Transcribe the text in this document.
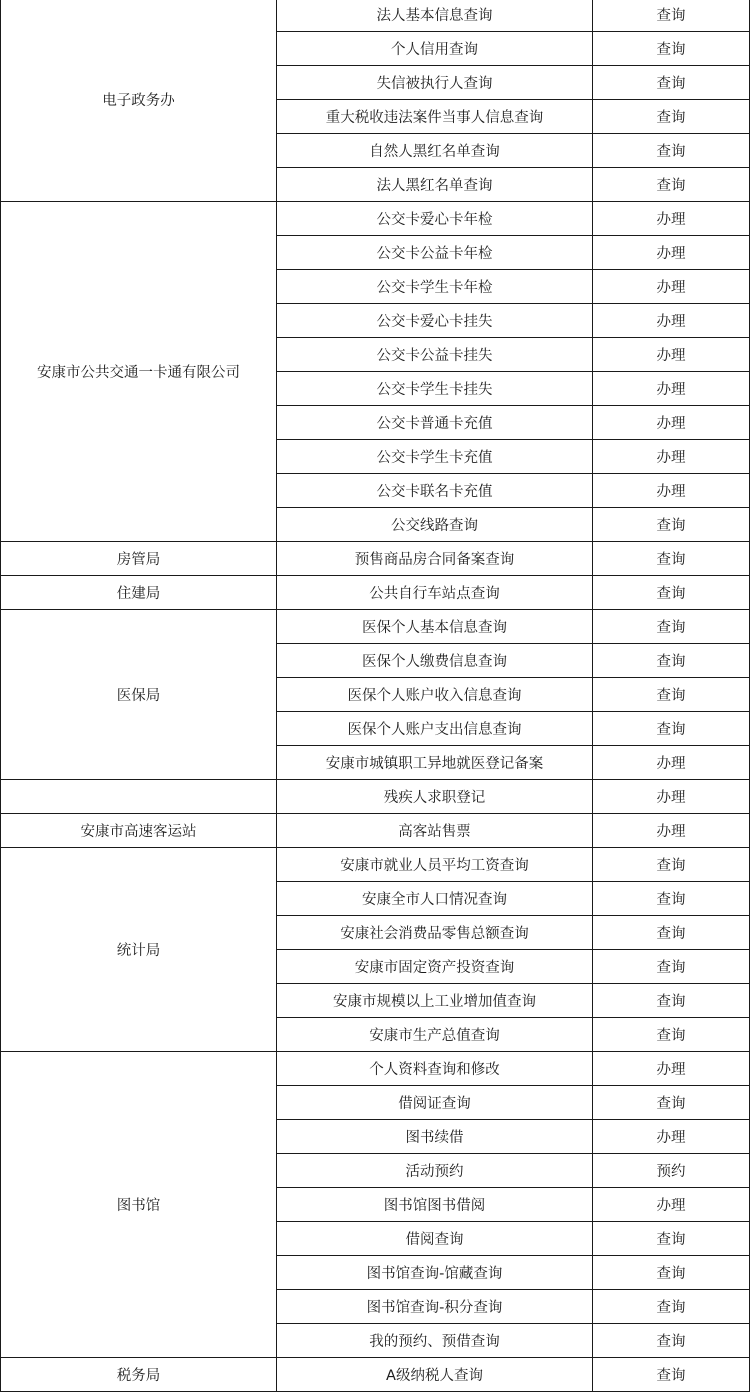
电子政务办	法人基本信息查询	查询
	个人信用查询	查询
	失信被执行人查询	查询
	重大税收违法案件当事人信息查询	查询
	自然人黑红名单查询	查询
	法人黑红名单查询	查询
安康市公共交通一卡通有限公司	公交卡爱心卡年检	办理
	公交卡公益卡年检	办理
	公交卡学生卡年检	办理
	公交卡爱心卡挂失	办理
	公交卡公益卡挂失	办理
	公交卡学生卡挂失	办理
	公交卡普通卡充值	办理
	公交卡学生卡充值	办理
	公交卡联名卡充值	办理
	公交线路查询	查询
房管局	预售商品房合同备案查询	查询
住建局	公共自行车站点查询	查询
医保局	医保个人基本信息查询	查询
	医保个人缴费信息查询	查询
	医保个人账户收入信息查询	查询
	医保个人账户支出信息查询	查询
	安康市城镇职工异地就医登记备案	办理
	残疾人求职登记	办理
安康市高速客运站	高客站售票	办理
统计局	安康市就业人员平均工资查询	查询
	安康全市人口情况查询	查询
	安康社会消费品零售总额查询	查询
	安康市固定资产投资查询	查询
	安康市规模以上工业增加值查询	查询
	安康市生产总值查询	查询
图书馆	个人资料查询和修改	办理
	借阅证查询	查询
	图书续借	办理
	活动预约	预约
	图书馆图书借阅	办理
	借阅查询	查询
	图书馆查询-馆藏查询	查询
	图书馆查询-积分查询	查询
	我的预约、预借查询	查询
税务局	A级纳税人查询	查询
